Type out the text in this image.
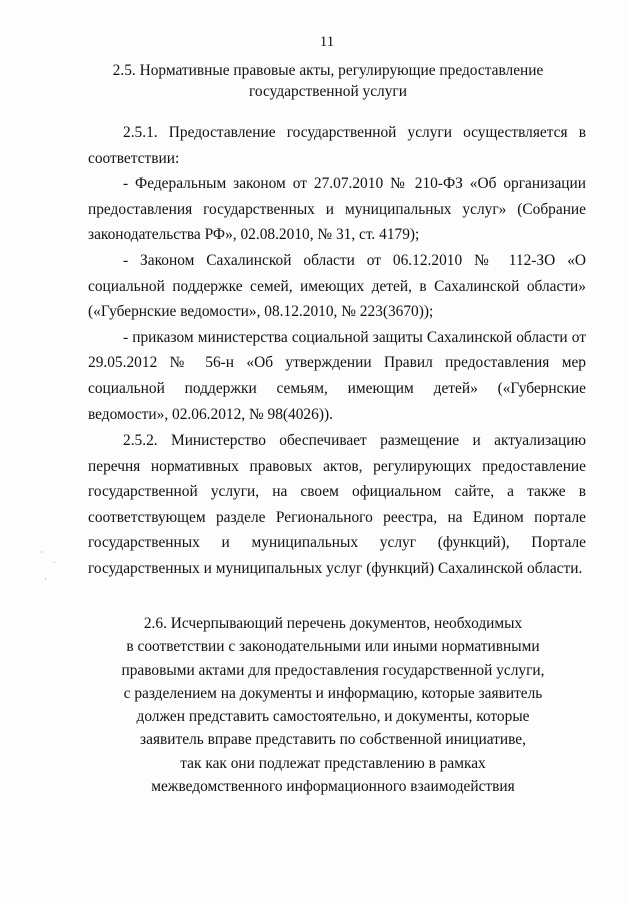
11
2.5. Нормативные правовые акты, регулирующие предоставление
государственной услуги

2.5.1. Предоставление государственной услуги осуществляется в

соответствии:

- Федеральным законом от 27.07.2010 № 210-ФЗ «Об организации предоставления государственных и муниципальных услуг» (Собрание законодательства РФ», 02.08.2010, № 31, ст. 4179);

- Законом Сахалинской области от 06.12.2010 № 112-ЗО «О социальной поддержке семей, имеющих детей, в Сахалинской области» («Губернские ведомости», 08.12.2010, № 223(3670));

- приказом министерства социальной защиты Сахалинской области от 29.05.2012 № 56-н «Об утверждении Правил предоставления мер социальной поддержки семьям, имеющим детей» («Губернские ведомости», 02.06.2012, № 98(4026)).

2.5.2. Министерство обеспечивает размещение и актуализацию перечня нормативных правовых актов, регулирующих предоставление государственной услуги, на своем официальном сайте, а также в соответствующем разделе Регионального реестра, на Едином портале государственных и муниципальных услуг (функций), Портале государственных и муниципальных услуг (функций) Сахалинской области.

2.6. Исчерпывающий перечень документов, необходимых
в соответствии с законодательными или иными нормативными
правовыми актами для предоставления государственной услуги,
с разделением на документы и информацию, которые заявитель
должен представить самостоятельно, и документы, которые
заявитель вправе представить по собственной инициативе,
так как они подлежат представлению в рамках
межведомственного информационного взаимодействия
·
˙
·
